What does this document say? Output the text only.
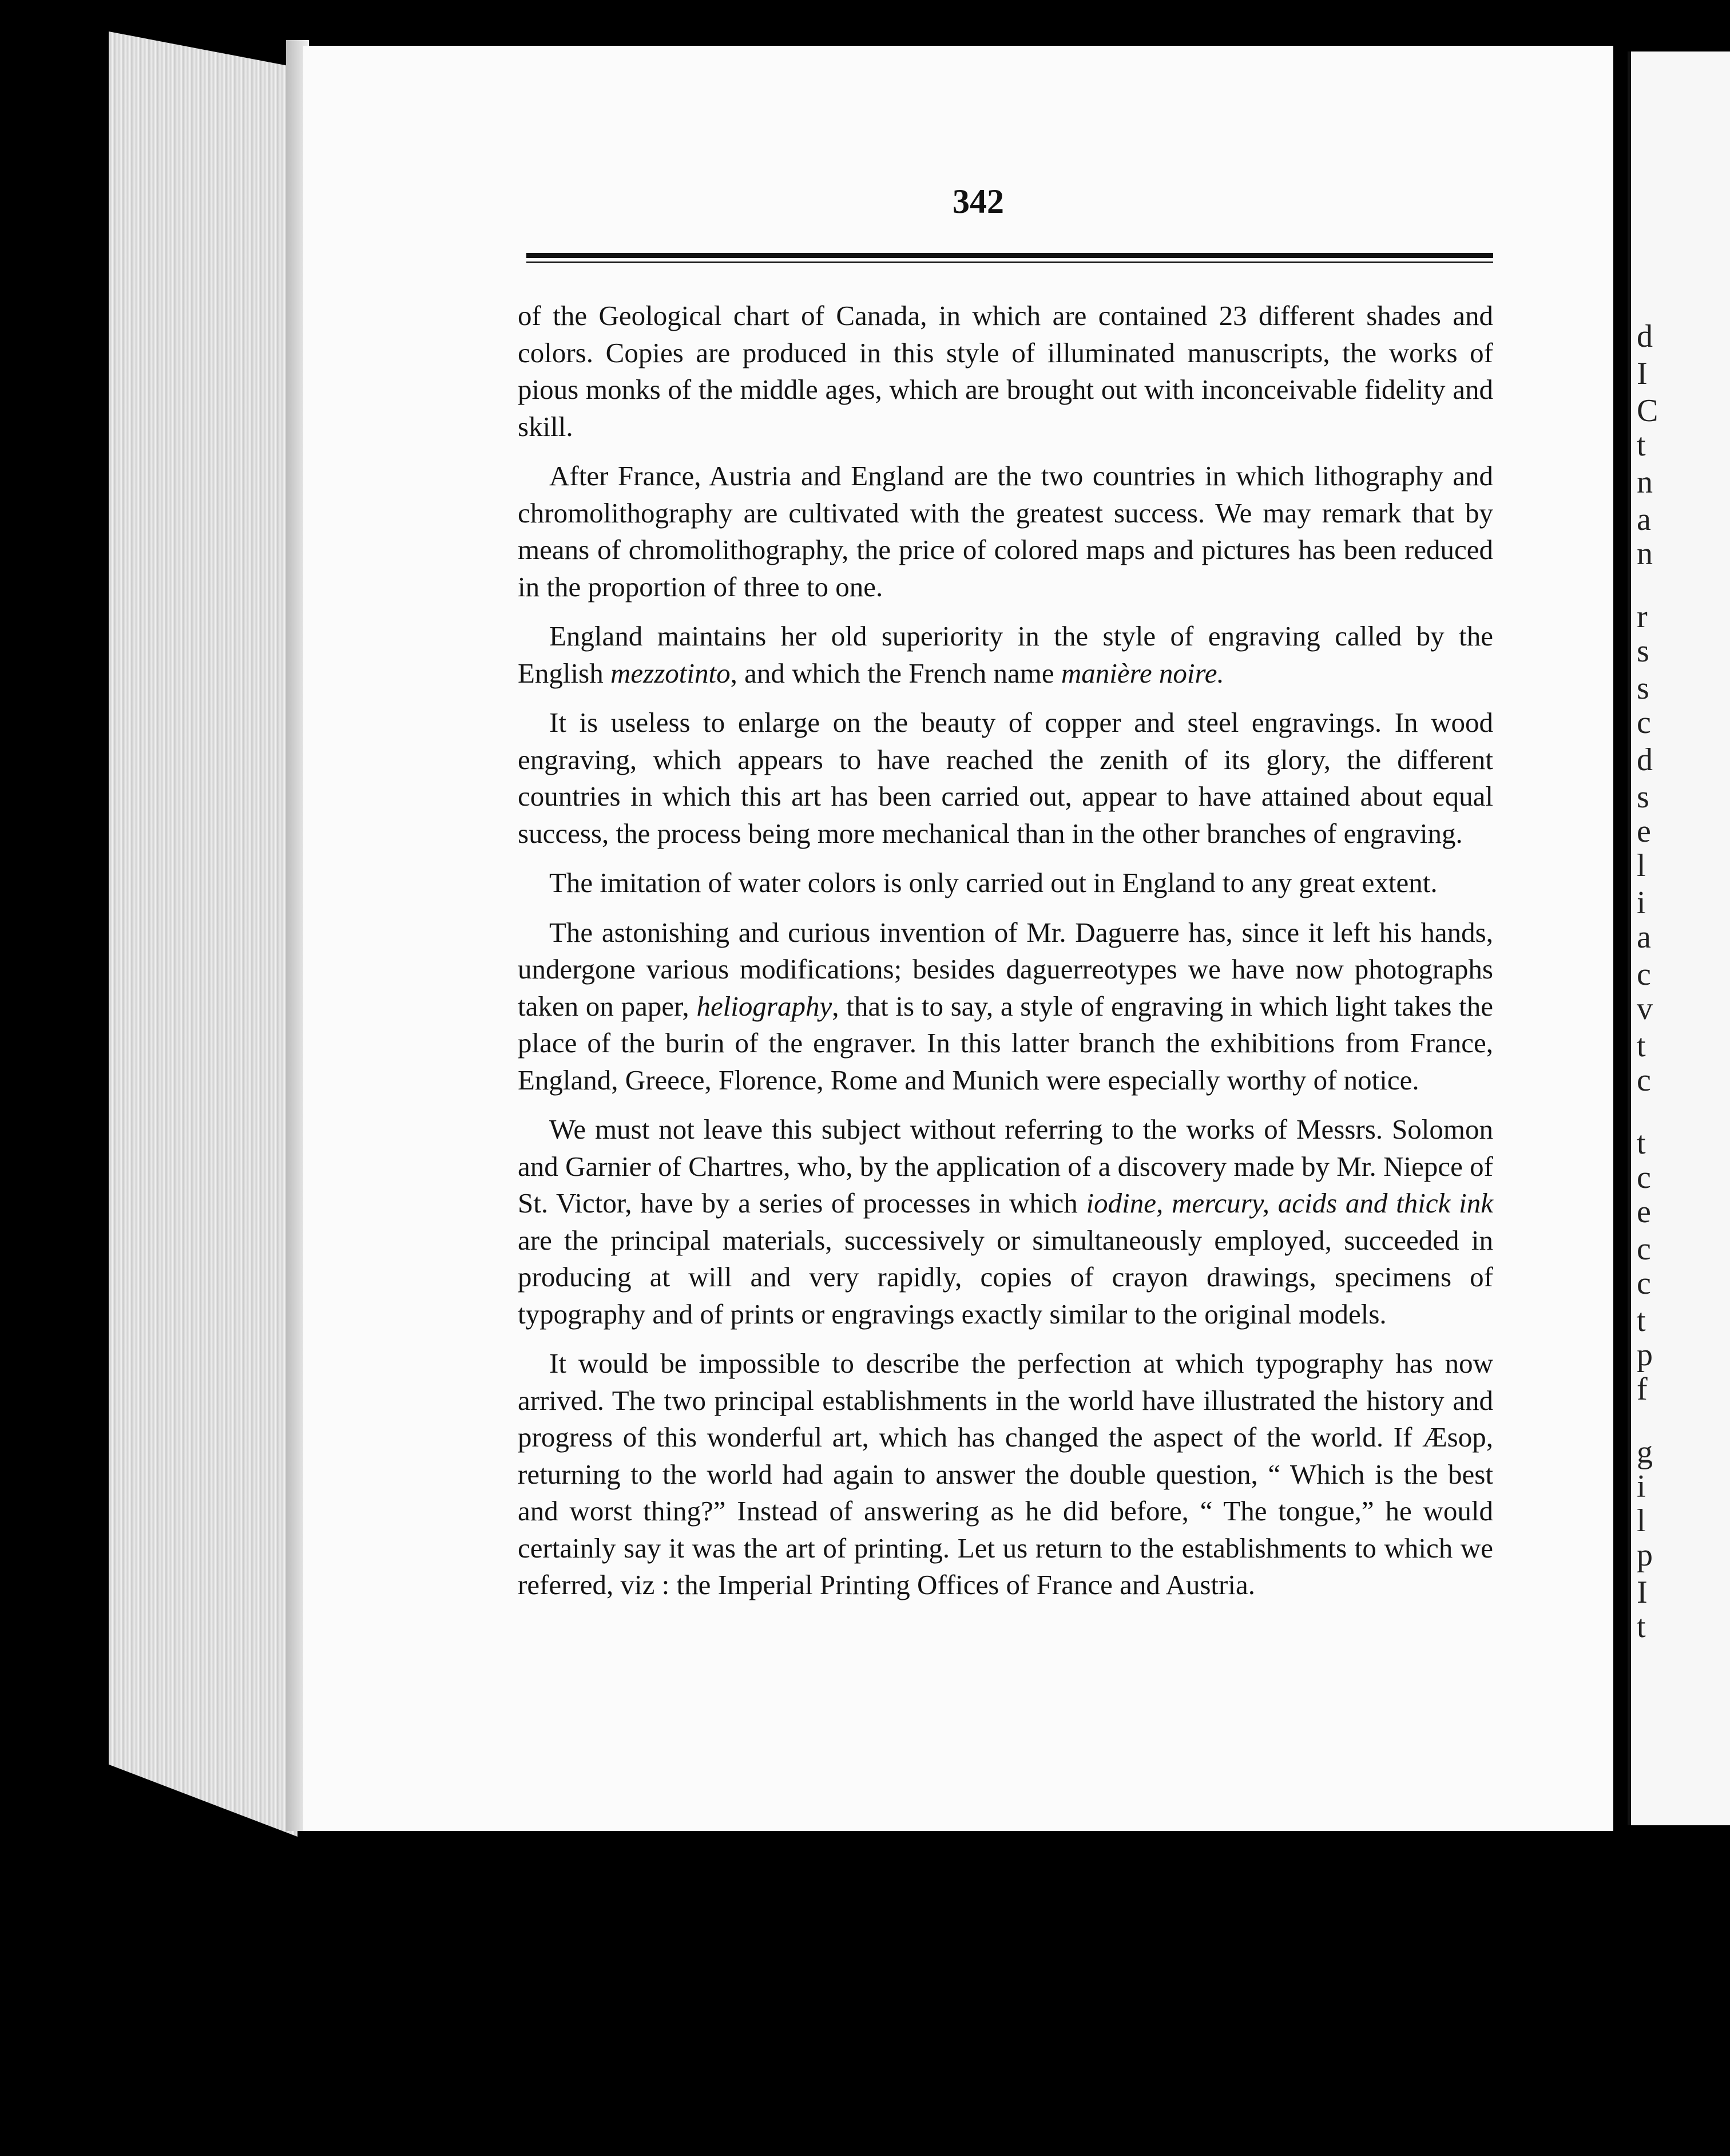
d
I
C
t
n
a
n
r
s
s
c
d
s
e
l
i
a
c
v
t
c
t
c
e
c
c
t
p
f
g
i
l
p
I
t
342

of the Geological chart of Canada, in which are contained 23 different shades and colors. Copies are produced in this style of illuminated manuscripts, the works of pious monks of the middle ages, which are brought out with inconceivable fidelity and skill.

After France, Austria and England are the two countries in which lithography and chromolithography are cultivated with the greatest success. We may remark that by means of chromolithography, the price of colored maps and pictures has been reduced in the proportion of three to one.

England maintains her old superiority in the style of engraving called by the English mezzotinto, and which the French name manière noire.

It is useless to enlarge on the beauty of copper and steel engravings. In wood engraving, which appears to have reached the zenith of its glory, the different countries in which this art has been carried out, appear to have attained about equal success, the process being more mechanical than in the other branches of engraving.

The imitation of water colors is only carried out in England to any great extent.

The astonishing and curious invention of Mr. Daguerre has, since it left his hands, undergone various modifications; besides daguerreotypes we have now photographs taken on paper, heliography, that is to say, a style of engraving in which light takes the place of the burin of the engraver. In this latter branch the exhibitions from France, England, Greece, Florence, Rome and Munich were especially worthy of notice.

We must not leave this subject without referring to the works of Messrs. Solomon and Garnier of Chartres, who, by the application of a discovery made by Mr. Niepce of St. Victor, have by a series of processes in which iodine, mercury, acids and thick ink are the principal materials, successively or simultaneously employed, succeeded in producing at will and very rapidly, copies of crayon drawings, specimens of typography and of prints or engravings exactly similar to the original models.

It would be impossible to describe the perfection at which typography has now arrived. The two principal establishments in the world have illustrated the history and progress of this wonderful art, which has changed the aspect of the world. If Æsop, returning to the world had again to answer the double question, “ Which is the best and worst thing?” Instead of answering as he did before, “ The tongue,” he would certainly say it was the art of printing. Let us return to the establishments to which we referred, viz : the Imperial Printing Offices of France and Austria.
